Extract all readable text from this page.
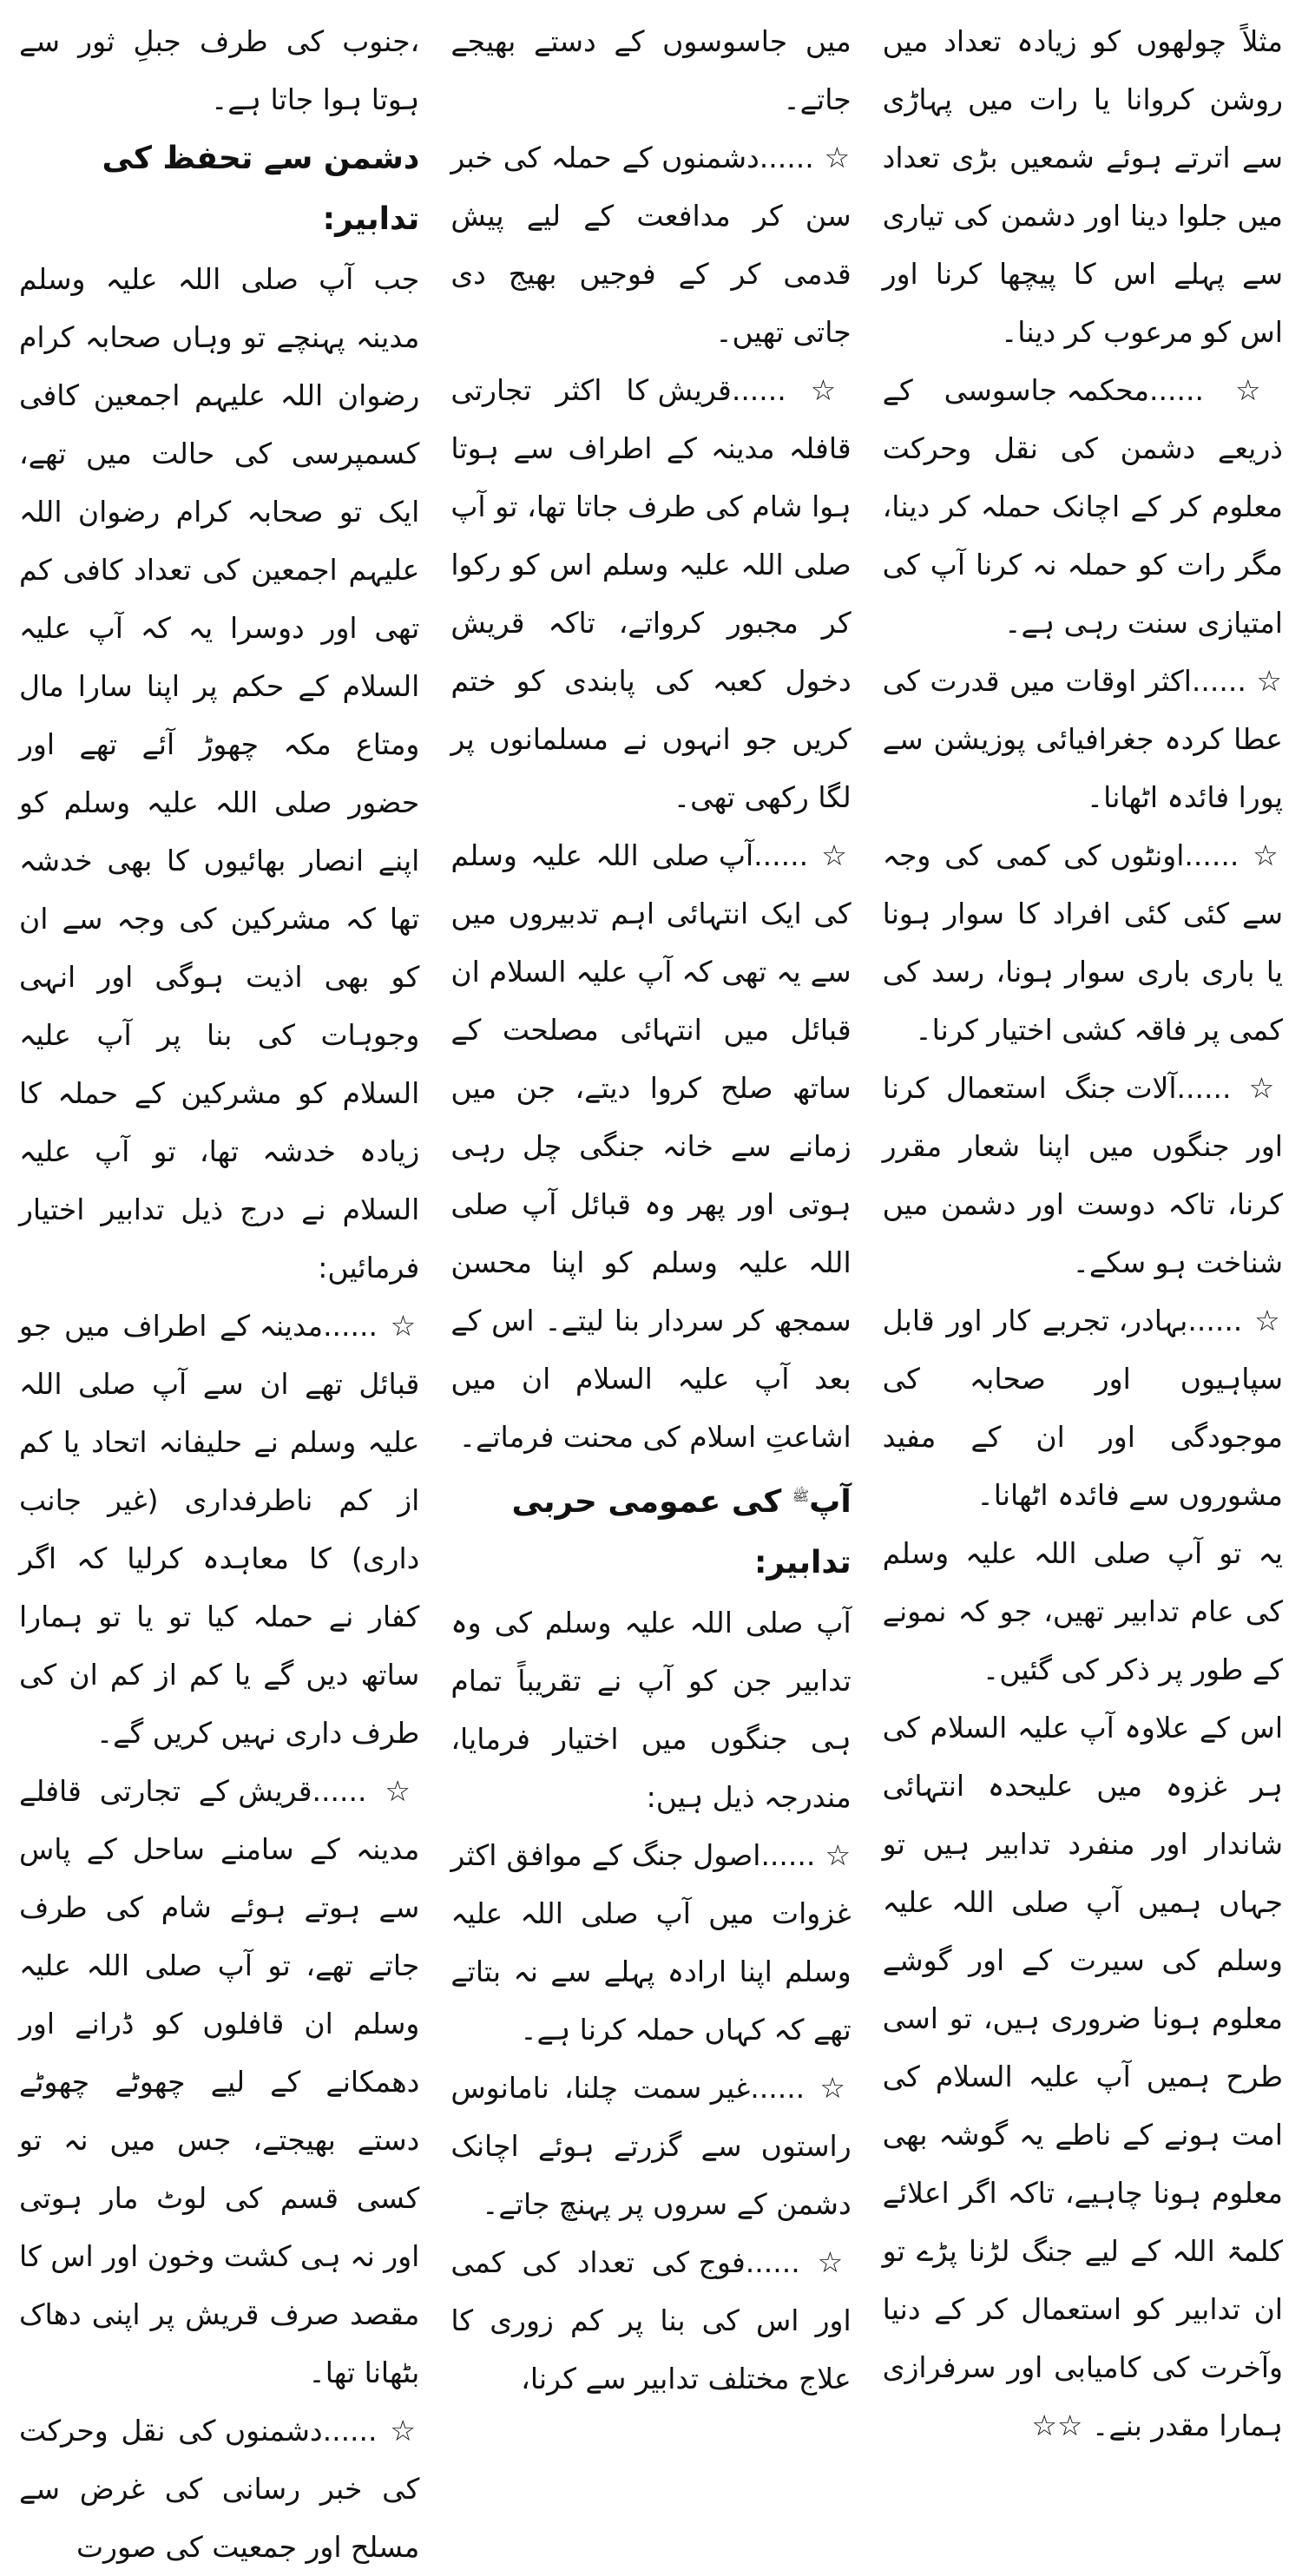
،جنوب کی طرف جبلِ ثور سے ہوتا ہوا جاتا ہے۔

دشمن سے تحفظ کی تدابیر:

جب آپ صلی اللہ علیہ وسلم مدینہ پہنچے تو وہاں صحابہ کرام رضوان اللہ علیہم اجمعین کافی کسمپرسی کی حالت میں تھے، ایک تو صحابہ کرام رضوان اللہ علیہم اجمعین کی تعداد کافی کم تھی اور دوسرا یہ کہ آپ علیہ السلام کے حکم پر اپنا سارا مال ومتاع مکہ چھوڑ آئے تھے اور حضور صلی اللہ علیہ وسلم کو اپنے انصار بھائیوں کا بھی خدشہ تھا کہ مشرکین کی وجہ سے ان کو بھی اذیت ہوگی اور انہی وجوہات کی بنا پر آپ علیہ السلام کو مشرکین کے حملہ کا زیادہ خدشہ تھا، تو آپ علیہ السلام نے درج ذیل تدابیر اختیار فرمائیں:

☆ ......مدینہ کے اطراف میں جو قبائل تھے ان سے آپ صلی اللہ علیہ وسلم نے حلیفانہ اتحاد یا کم از کم ناطرفداری (غیر جانب داری) کا معاہدہ کرلیا کہ اگر کفار نے حملہ کیا تو یا تو ہمارا ساتھ دیں گے یا کم از کم ان کی طرف داری نہیں کریں گے۔

☆ ......قریش کے تجارتی قافلے مدینہ کے سامنے ساحل کے پاس سے ہوتے ہوئے شام کی طرف جاتے تھے، تو آپ صلی اللہ علیہ وسلم ان قافلوں کو ڈرانے اور دھمکانے کے لیے چھوٹے چھوٹے دستے بھیجتے، جس میں نہ تو کسی قسم کی لوٹ مار ہوتی اور نہ ہی کشت وخون اور اس کا مقصد صرف قریش پر اپنی دھاک بٹھانا تھا۔

☆ ......دشمنوں کی نقل وحرکت کی خبر رسانی کی غرض سے مسلح اور جمعیت کی صورت

میں جاسوسوں کے دستے بھیجے جاتے۔

☆ ......دشمنوں کے حملہ کی خبر سن کر مدافعت کے لیے پیش قدمی کر کے فوجیں بھیج دی جاتی تھیں۔

☆ ......قریش کا اکثر تجارتی قافلہ مدینہ کے اطراف سے ہوتا ہوا شام کی طرف جاتا تھا، تو آپ صلی اللہ علیہ وسلم اس کو رکوا کر مجبور کرواتے، تاکہ قریش دخول کعبہ کی پابندی کو ختم کریں جو انہوں نے مسلمانوں پر لگا رکھی تھی۔

☆ ......آپ صلی اللہ علیہ وسلم کی ایک انتہائی اہم تدبیروں میں سے یہ تھی کہ آپ علیہ السلام ان قبائل میں انتہائی مصلحت کے ساتھ صلح کروا دیتے، جن میں زمانے سے خانہ جنگی چل رہی ہوتی اور پھر وہ قبائل آپ صلی اللہ علیہ وسلم کو اپنا محسن سمجھ کر سردار بنا لیتے۔ اس کے بعد آپ علیہ السلام ان میں اشاعتِ اسلام کی محنت فرماتے۔

آپ$^ﷺ$ کی عمومی حربی تدابیر:

آپ صلی اللہ علیہ وسلم کی وہ تدابیر جن کو آپ نے تقریباً تمام ہی جنگوں میں اختیار فرمایا، مندرجہ ذیل ہیں:

☆ ......اصول جنگ کے موافق اکثر غزوات میں آپ صلی اللہ علیہ وسلم اپنا ارادہ پہلے سے نہ بتاتے تھے کہ کہاں حملہ کرنا ہے۔

☆ ......غیر سمت چلنا، نامانوس راستوں سے گزرتے ہوئے اچانک دشمن کے سروں پر پہنچ جاتے۔

☆ ......فوج کی تعداد کی کمی اور اس کی بنا پر کم زوری کا علاج مختلف تدابیر سے کرنا،

مثلاً چولھوں کو زیادہ تعداد میں روشن کروانا یا رات میں پہاڑی سے اترتے ہوئے شمعیں بڑی تعداد میں جلوا دینا اور دشمن کی تیاری سے پہلے اس کا پیچھا کرنا اور اس کو مرعوب کر دینا۔

☆ ......محکمہ جاسوسی کے ذریعے دشمن کی نقل وحرکت معلوم کر کے اچانک حملہ کر دینا، مگر رات کو حملہ نہ کرنا آپ کی امتیازی سنت رہی ہے۔

☆ ......اکثر اوقات میں قدرت کی عطا کردہ جغرافیائی پوزیشن سے پورا فائدہ اٹھانا۔

☆ ......اونٹوں کی کمی کی وجہ سے کئی کئی افراد کا سوار ہونا یا باری باری سوار ہونا، رسد کی کمی پر فاقہ کشی اختیار کرنا۔

☆ ......آلات جنگ استعمال کرنا اور جنگوں میں اپنا شعار مقرر کرنا، تاکہ دوست اور دشمن میں شناخت ہو سکے۔

☆ ......بہادر، تجربے کار اور قابل سپاہیوں اور صحابہ کی موجودگی اور ان کے مفید مشوروں سے فائدہ اٹھانا۔

یہ تو آپ صلی اللہ علیہ وسلم کی عام تدابیر تھیں، جو کہ نمونے کے طور پر ذکر کی گئیں۔

اس کے علاوہ آپ علیہ السلام کی ہر غزوہ میں علیحدہ انتہائی شاندار اور منفرد تدابیر ہیں تو جہاں ہمیں آپ صلی اللہ علیہ وسلم کی سیرت کے اور گوشے معلوم ہونا ضروری ہیں، تو اسی طرح ہمیں آپ علیہ السلام کی امت ہونے کے ناطے یہ گوشہ بھی معلوم ہونا چاہیے، تاکہ اگر اعلائے کلمۃ اللہ کے لیے جنگ لڑنا پڑے تو ان تدابیر کو استعمال کر کے دنیا وآخرت کی کامیابی اور سرفرازی ہمارا مقدر بنے۔ ☆☆
